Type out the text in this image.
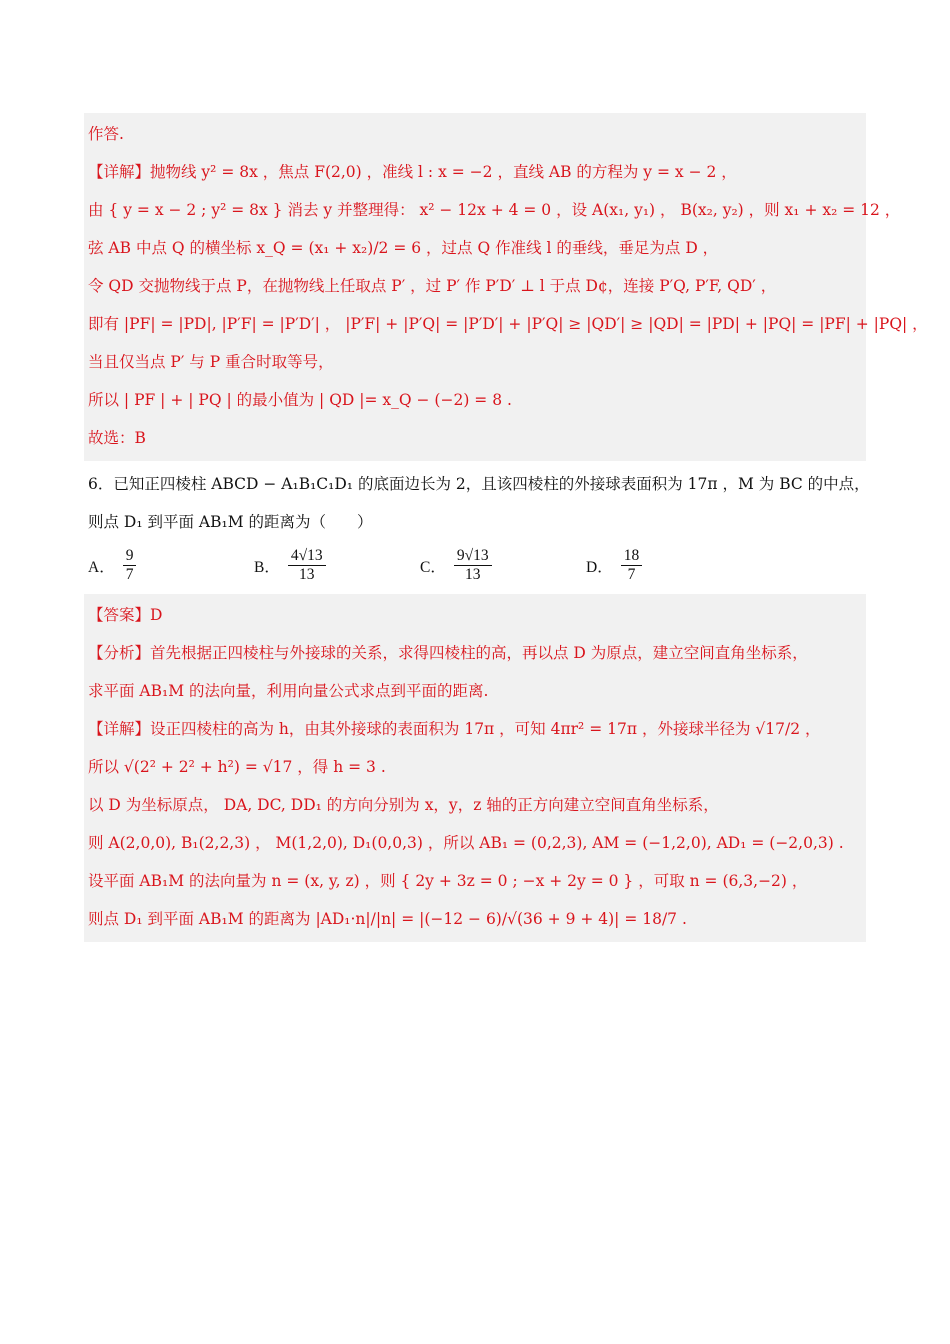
作答.

【详解】抛物线 y² = 8x ，焦点 F(2,0) ，准线 l : x = −2 ，直线 AB 的方程为 y = x − 2 ，

由 { y = x − 2 ; y² = 8x } 消去 y 并整理得： x² − 12x + 4 = 0 ，设 A(x₁, y₁) ， B(x₂, y₂) ，则 x₁ + x₂ = 12 ，

弦 AB 中点 Q 的横坐标 x_Q = (x₁ + x₂)/2 = 6 ，过点 Q 作准线 l 的垂线，垂足为点 D ，

令 QD 交抛物线于点 P，在抛物线上任取点 P′ ，过 P′ 作 P′D′ ⊥ l 于点 D¢，连接 P′Q, P′F, QD′ ，

即有 |PF| = |PD|, |P′F| = |P′D′| ， |P′F| + |P′Q| = |P′D′| + |P′Q| ≥ |QD′| ≥ |QD| = |PD| + |PQ| = |PF| + |PQ| ，

当且仅当点 P′ 与 P 重合时取等号，

所以 | PF | + | PQ | 的最小值为 | QD |= x_Q − (−2) = 8 .

故选：B

6．已知正四棱柱 ABCD − A₁B₁C₁D₁ 的底面边长为 2，且该四棱柱的外接球表面积为 17π ，M 为 BC 的中点，

则点 D₁ 到平面 AB₁M 的距离为（　　）

A． $\frac{9}{7}$	B． $\frac{4√13}{13}$	C． $\frac{9√13}{13}$	D． $\frac{18}{7}$

【答案】D

【分析】首先根据正四棱柱与外接球的关系，求得四棱柱的高，再以点 D 为原点，建立空间直角坐标系，

求平面 AB₁M 的法向量，利用向量公式求点到平面的距离.

【详解】设正四棱柱的高为 h，由其外接球的表面积为 17π ，可知 4πr² = 17π ，外接球半径为 √17/2 ，

所以 √(2² + 2² + h²) = √17 ，得 h = 3 .

以 D 为坐标原点， DA, DC, DD₁ 的方向分别为 x，y，z 轴的正方向建立空间直角坐标系，

则 A(2,0,0), B₁(2,2,3) ， M(1,2,0), D₁(0,0,3) ，所以 AB₁ = (0,2,3), AM = (−1,2,0), AD₁ = (−2,0,3) .

设平面 AB₁M 的法向量为 n = (x, y, z) ，则 { 2y + 3z = 0 ; −x + 2y = 0 } ，可取 n = (6,3,−2) ，

则点 D₁ 到平面 AB₁M 的距离为 |AD₁·n|/|n| = |(−12 − 6)/√(36 + 9 + 4)| = 18/7 .
